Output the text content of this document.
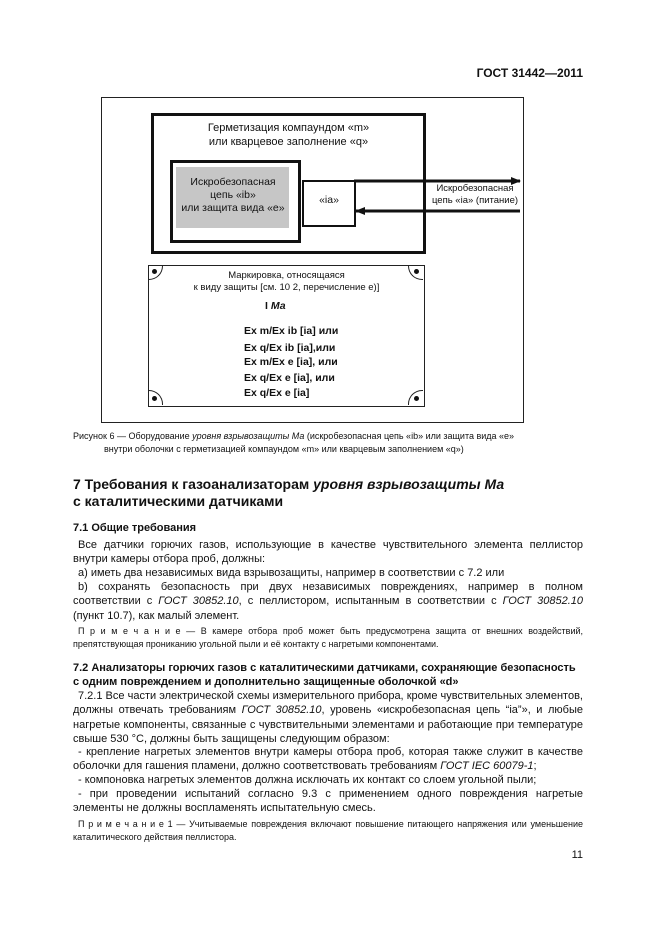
ГОСТ 31442—2011
Герметизация компаундом «m»
или кварцевое заполнение «q»
Искробезопасная
цепь «ib»
или защита вида «е»
«ia»
Искробезопасная
цепь «ia» (питание)
Маркировка, относящаяся
к виду защиты [см. 10 2, перечисление е)]
I Ма
Ex m/Ex ib [ia] или
Ex q/Ex ib [ia],или
Ex m/Ex e [ia], или
Ex q/Ex e [ia], или
Ex q/Ex e [ia]
Рисунок 6 — Оборудование уровня взрывозащиты Ма (искробезопасная цепь «ib» или защита вида «е»
внутри оболочки с герметизацией компаундом «m» или кварцевым заполнением «q»)
7 Требования к газоанализаторам уровня взрывозащиты Ма
с каталитическими датчиками
7.1 Общие требования
Все датчики горючих газов, использующие в качестве чувствительного элемента пеллистор внутри камеры отбора проб, должны:
a) иметь два независимых вида взрывозащиты, например в соответствии с 7.2 или
b) сохранять безопасность при двух независимых повреждениях, например в полном соответствии с ГОСТ 30852.10, с пеллистором, испытанным в соответствии с ГОСТ 30852.10 (пункт 10.7), как малый элемент.
П р и м е ч а н и е — В камере отбора проб может быть предусмотрена защита от внешних воздействий, препятствующая прониканию угольной пыли и её контакту с нагретыми компонентами.
7.2 Анализаторы горючих газов с каталитическими датчиками, сохраняющие безопасность
с одним повреждением и дополнительно защищенные оболочкой «d»
7.2.1 Все части электрической схемы измерительного прибора, кроме чувствительных элементов, должны отвечать требованиям ГОСТ 30852.10, уровень «искробезопасная цепь “ia”», и любые нагретые компоненты, связанные с чувствительными элементами и работающие при температуре свыше 530 °С, должны быть защищены следующим образом:
- крепление нагретых элементов внутри камеры отбора проб, которая также служит в качестве оболочки для гашения пламени, должно соответствовать требованиям ГОСТ IEC 60079-1;
- компоновка нагретых элементов должна исключать их контакт со слоем угольной пыли;
- при проведении испытаний согласно 9.3 с применением одного повреждения нагретые элементы не должны воспламенять испытательную смесь.
П р и м е ч а н и е 1 — Учитываемые повреждения включают повышение питающего напряжения или уменьшение каталитического действия пеллистора.
11
